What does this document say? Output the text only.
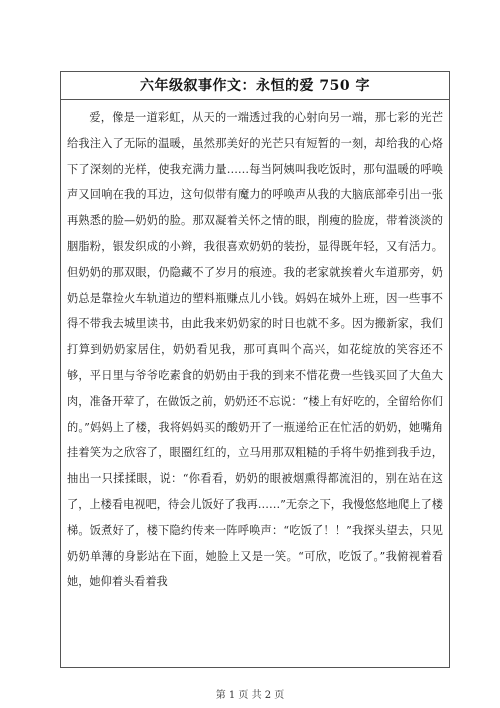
六年级叙事作文：永恒的爱 750 字

爱，像是一道彩虹，从天的一端透过我的心射向另一端，那七彩的光芒给我注入了无际的温暖，虽然那美好的光芒只有短暂的一刻，却给我的心烙下了深刻的光样，使我充满力量……每当阿姨叫我吃饭时，那句温暖的呼唤声又回响在我的耳边，这句似带有魔力的呼唤声从我的大脑底部牵引出一张再熟悉的脸—奶奶的脸。那双凝着关怀之情的眼，削瘦的脸庞，带着淡淡的胭脂粉，银发织成的小辫，我很喜欢奶奶的装扮，显得既年轻，又有活力。但奶奶的那双眼，仍隐藏不了岁月的痕迹。我的老家就挨着火车道那旁，奶奶总是靠捡火车轨道边的塑料瓶赚点儿小钱。妈妈在城外上班，因一些事不得不带我去城里读书，由此我来奶奶家的时日也就不多。因为搬新家，我们打算到奶奶家居住，奶奶看见我，那可真叫个高兴，如花绽放的笑容还不够，平日里与爷爷吃素食的奶奶由于我的到来不惜花费一些钱买回了大鱼大肉，准备开荤了，在做饭之前，奶奶还不忘说：“楼上有好吃的，全留给你们的。”妈妈上了楼，我将妈妈买的酸奶开了一瓶递给正在忙活的奶奶，她嘴角挂着笑为之欣容了，眼圈红红的，立马用那双粗糙的手将牛奶推到我手边，抽出一只揉揉眼，说：“你看看，奶奶的眼被烟熏得都流泪的，别在站在这了，上楼看电视吧，待会儿饭好了我再……”无奈之下，我慢悠悠地爬上了楼梯。饭煮好了，楼下隐约传来一阵呼唤声：“吃饭了！！”我探头望去，只见奶奶单薄的身影站在下面，她脸上又是一笑。“可欣，吃饭了。”我俯视着看她，她仰着头看着我

第 1 页 共 2 页
